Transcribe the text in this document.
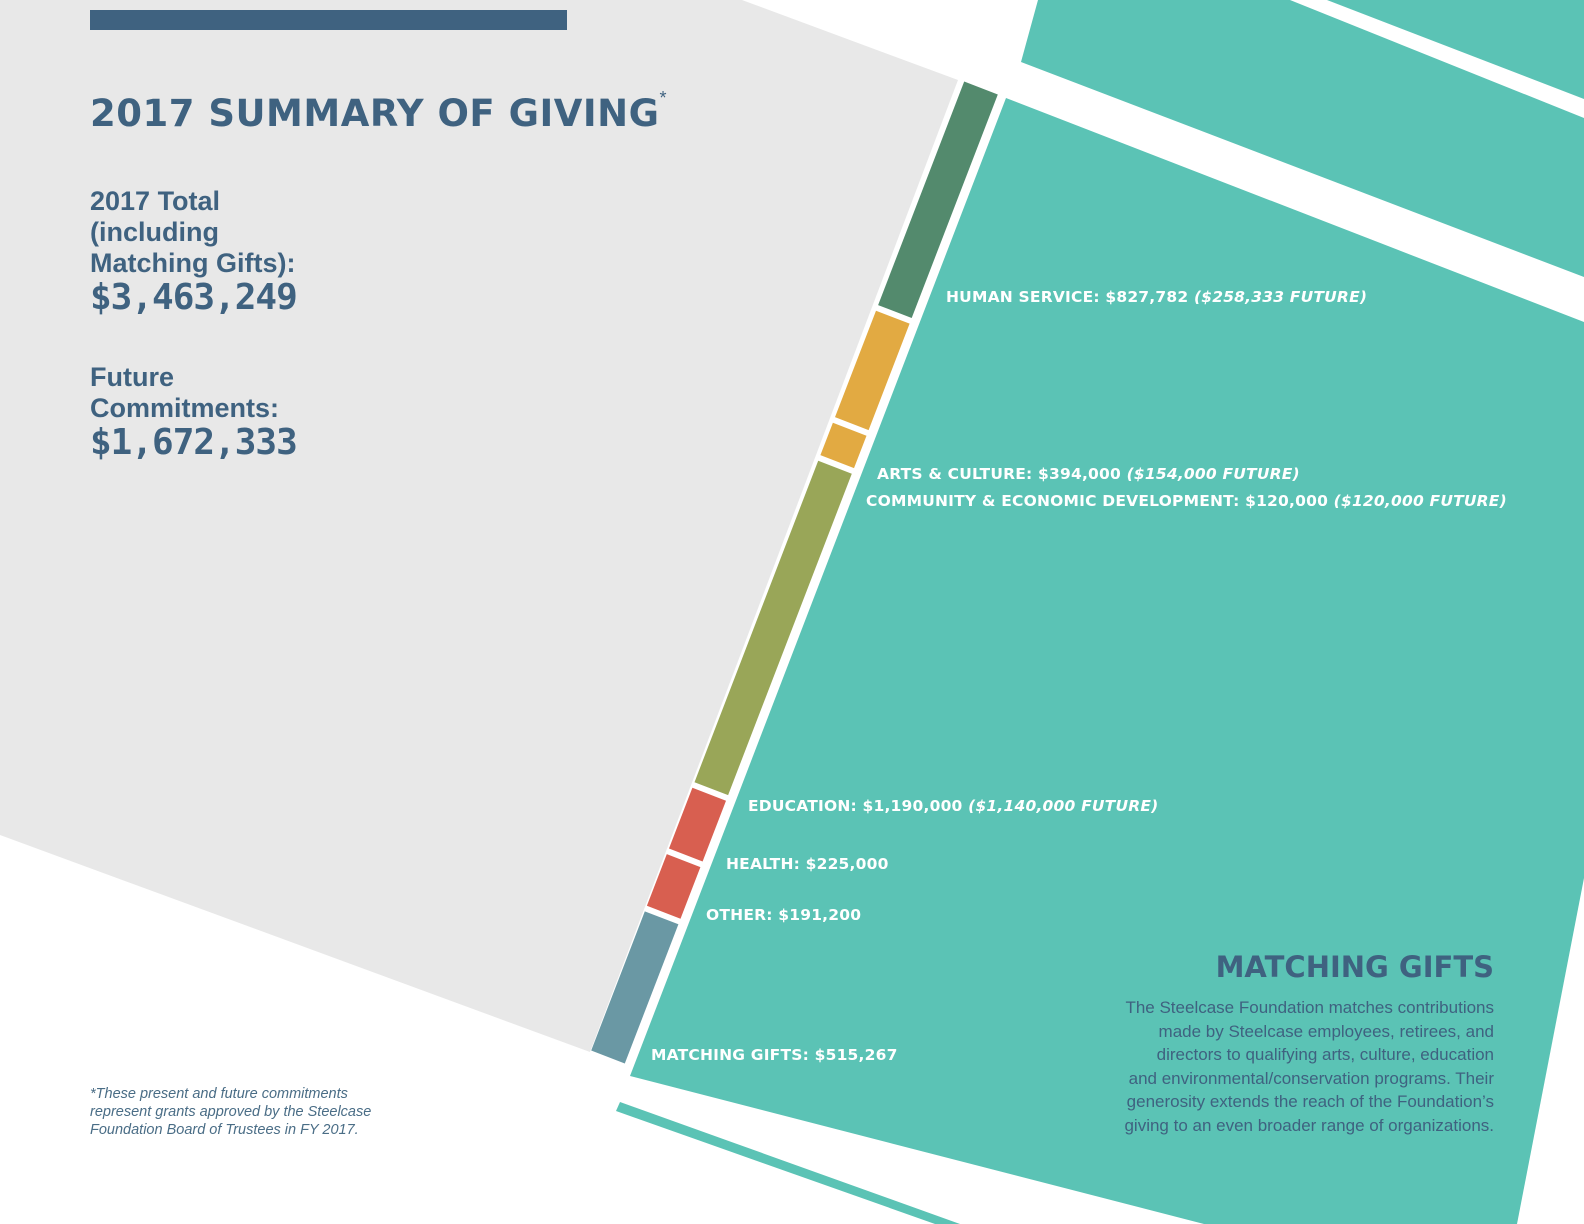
2017 SUMMARY OF GIVING*
2017 Total
(including
Matching Gifts):
$3,463,249
Future
Commitments:
$1,672,333
*These present and future commitments
represent grants approved by the Steelcase
Foundation Board of Trustees in FY 2017.
HUMAN SERVICE: $827,782 ($258,333 FUTURE)
ARTS & CULTURE: $394,000 ($154,000 FUTURE)
COMMUNITY & ECONOMIC DEVELOPMENT: $120,000 ($120,000 FUTURE)
EDUCATION: $1,190,000 ($1,140,000 FUTURE)
HEALTH: $225,000
OTHER: $191,200
MATCHING GIFTS: $515,267
MATCHING GIFTS
The Steelcase Foundation matches contributions
made by Steelcase employees, retirees, and
directors to qualifying arts, culture, education
and environmental/conservation programs. Their
generosity extends the reach of the Foundation’s
giving to an even broader range of organizations.
